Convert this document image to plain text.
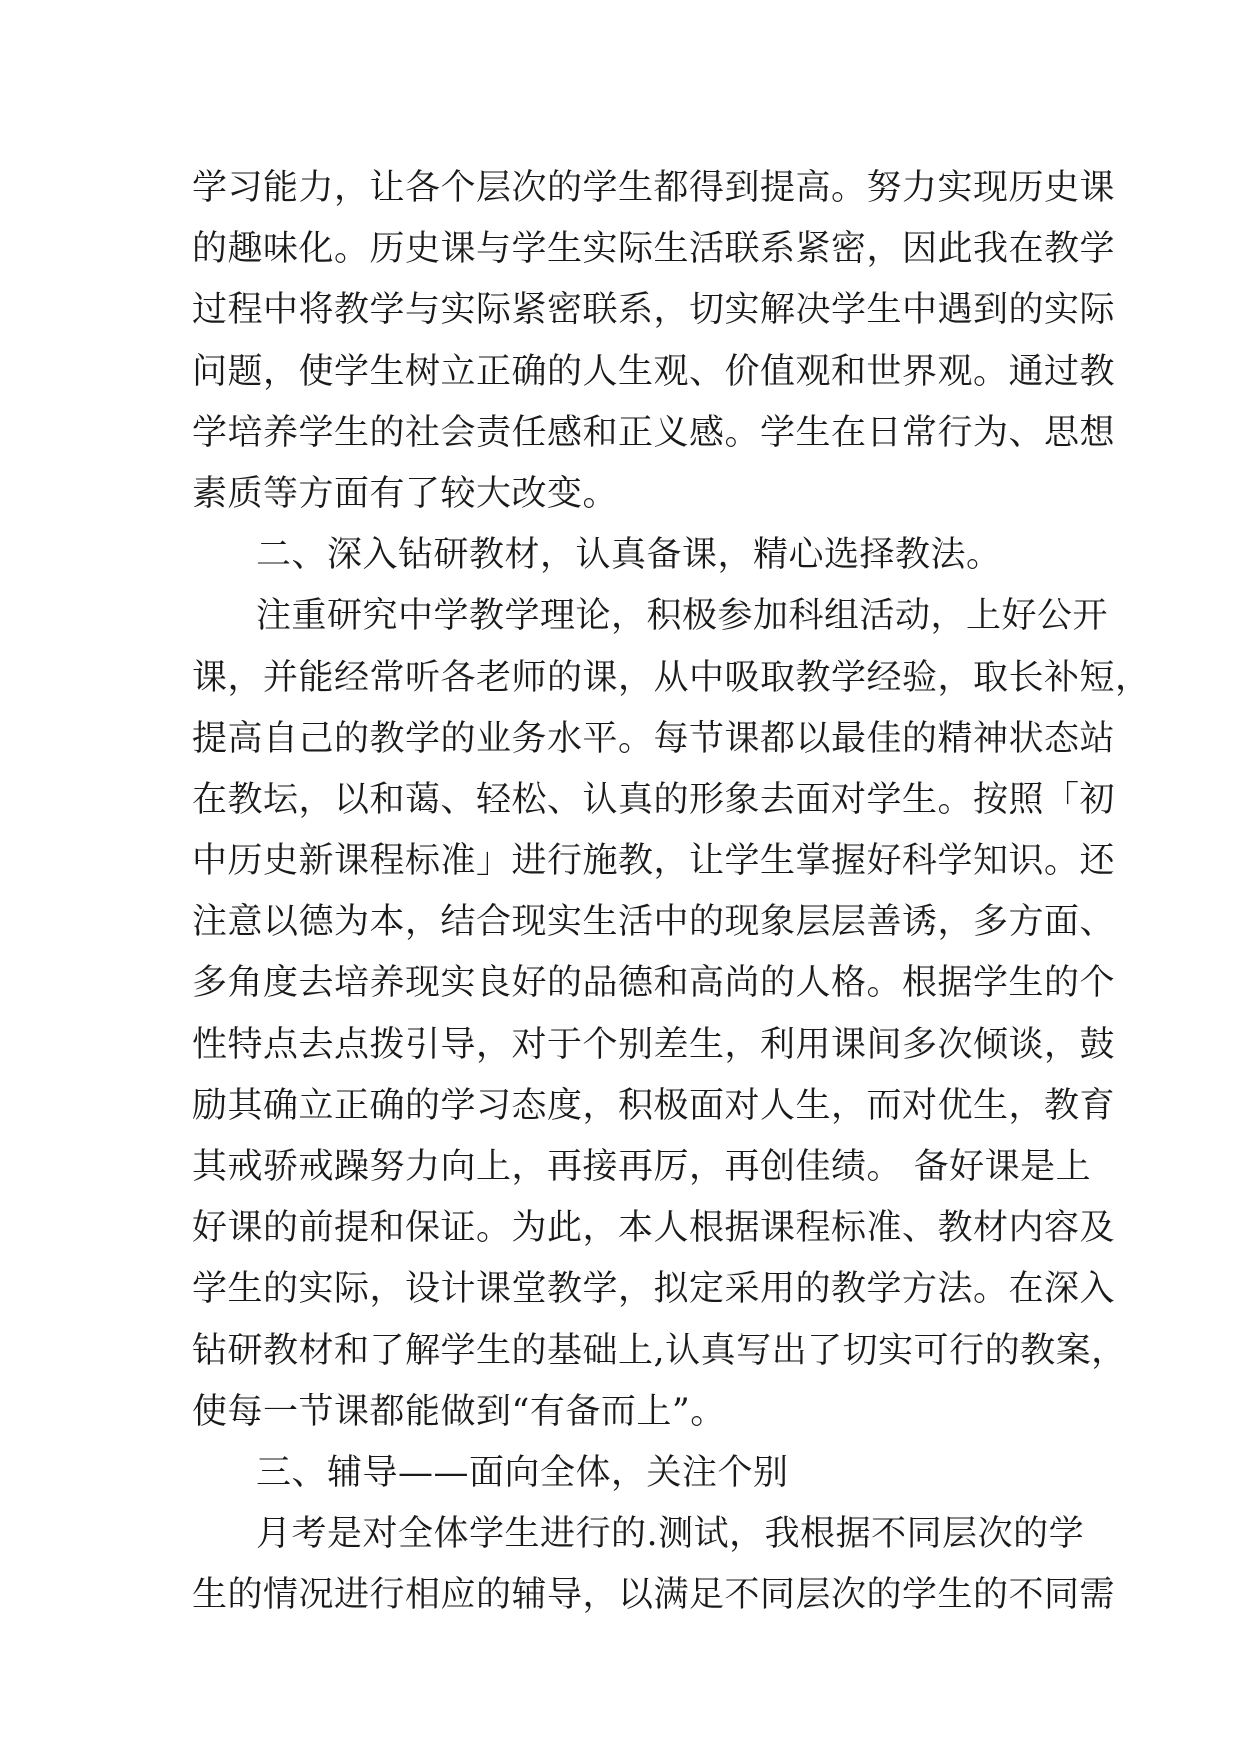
学习能力，让各个层次的学生都得到提高。努力实现历史课
的趣味化。历史课与学生实际生活联系紧密，因此我在教学
过程中将教学与实际紧密联系，切实解决学生中遇到的实际
问题，使学生树立正确的人生观、价值观和世界观。通过教
学培养学生的社会责任感和正义感。学生在日常行为、思想
素质等方面有了较大改变。
二、深入钻研教材，认真备课，精心选择教法。
注重研究中学教学理论，积极参加科组活动，上好公开
课，并能经常听各老师的课，从中吸取教学经验，取长补短，
提高自己的教学的业务水平。每节课都以最佳的精神状态站
在教坛，以和蔼、轻松、认真的形象去面对学生。按照「初
中历史新课程标准」进行施教，让学生掌握好科学知识。还
注意以德为本，结合现实生活中的现象层层善诱，多方面、
多角度去培养现实良好的品德和高尚的人格。根据学生的个
性特点去点拨引导，对于个别差生，利用课间多次倾谈，鼓
励其确立正确的学习态度，积极面对人生，而对优生，教育
其戒骄戒躁努力向上，再接再厉，再创佳绩。 备好课是上
好课的前提和保证。为此，本人根据课程标准、教材内容及
学生的实际，设计课堂教学，拟定采用的教学方法。在深入
钻研教材和了解学生的基础上,认真写出了切实可行的教案，
使每一节课都能做到“有备而上”。
三、辅导——面向全体，关注个别
月考是对全体学生进行的.测试，我根据不同层次的学
生的情况进行相应的辅导，以满足不同层次的学生的不同需
